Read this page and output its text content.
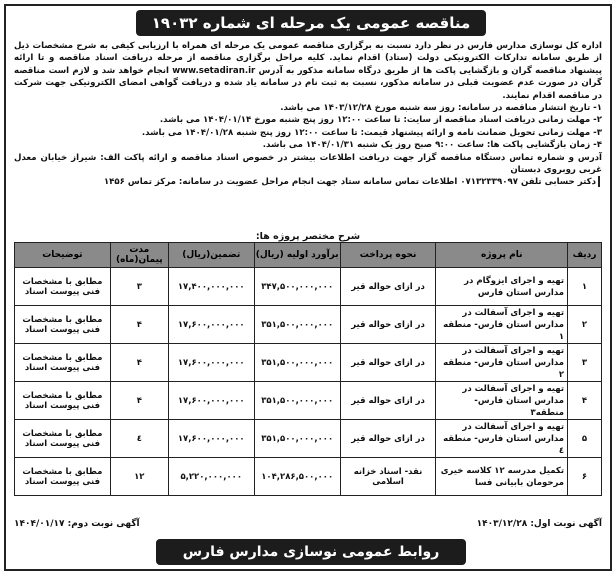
مناقصه عمومی یک مرحله ای شماره ۱۹۰۳۲

اداره کل نوسازی مدارس فارس در نظر دارد نسبت به برگزاری مناقصه عمومی یک مرحله ای همراه با ارزیابی کیفی به شرح مشخصات ذیل از طریق سامانه تدارکات الکترونیکی دولت (ستاد) اقدام نماید. کلیه مراحل برگزاری مناقصه از مرحله دریافت اسناد مناقصه و تا ارائه پیشنهاد مناقصه گران و بازگشایی پاکت ها از طریق درگاه سامانه مذکور به آدرس www.setadiran.ir انجام خواهد شد و لازم است مناقصه گران در صورت عدم عضویت قبلی در سامانه مذکور، نسبت به ثبت نام در سامانه یاد شده و دریافت گواهی امضای الکترونیکی جهت شرکت در مناقصه اقدام نمایند.

۱- تاریخ انتشار مناقصه در سامانه: روز سه شنبه مورخ ۱۴۰۳/۱۲/۲۸ می باشد.

۲- مهلت زمانی دریافت اسناد مناقصه از سایت: تا ساعت ۱۲:۰۰ روز پنج شنبه مورخ ۱۴۰۴/۰۱/۱۴ می باشد.

۳- مهلت زمانی تحویل ضمانت نامه و ارائه پیشنهاد قیمت: تا ساعت ۱۲:۰۰ روز پنج شنبه ۱۴۰۴/۰۱/۲۸ می باشد.

۴- زمان بازگشایی پاکت ها: ساعت ۹:۰۰ صبح روز یک شنبه ۱۴۰۴/۰۱/۳۱ می باشد.

آدرس و شماره تماس دستگاه مناقصه گزار جهت دریافت اطلاعات بیشتر در خصوص اسناد مناقصه و ارائه پاکت الف: شیراز خیابان معدل غربی روبروی دبستان

دکتر حسابی تلفن ۰۷۱۳۲۳۳۹۰۹۷ اطلاعات تماس سامانه ستاد جهت انجام مراحل عضویت در سامانه: مرکز تماس ۱۴۵۶

شرح مختصر پروژه ها:
ردیف	نام پروژه	نحوه پرداخت	برآورد اولیه (ریال)	تضمین(ریال)	مدت پیمان(ماه)	توضیحات
۱	تهیه و اجرای ایزوگام در مدارس استان فارس	در ازای حواله قیر	۳۴۷,۵۰۰,۰۰۰,۰۰۰	۱۷,۴۰۰,۰۰۰,۰۰۰	۳	مطابق با مشخصات فنی پیوست اسناد
۲	تهیه و اجرای آسفالت در مدارس استان فارس- منطقه ۱	در ازای حواله قیر	۳۵۱,۵۰۰,۰۰۰,۰۰۰	۱۷,۶۰۰,۰۰۰,۰۰۰	۴	مطابق با مشخصات فنی پیوست اسناد
۳	تهیه و اجرای آسفالت در مدارس استان فارس- منطقه ۲	در ازای حواله قیر	۳۵۱,۵۰۰,۰۰۰,۰۰۰	۱۷,۶۰۰,۰۰۰,۰۰۰	۴	مطابق با مشخصات فنی پیوست اسناد
۴	تهیه و اجرای آسفالت در مدارس استان فارس- منطقه۳	در ازای حواله قیر	۳۵۱,۵۰۰,۰۰۰,۰۰۰	۱۷,۶۰۰,۰۰۰,۰۰۰	۴	مطابق با مشخصات فنی پیوست اسناد
۵	تهیه و اجرای آسفالت در مدارس استان فارس- منطقه ٤	در ازای حواله قیر	۳۵۱,۵۰۰,۰۰۰,۰۰۰	۱۷,۶۰۰,۰۰۰,۰۰۰	٤	مطابق با مشخصات فنی پیوست اسناد
۶	تکمیل مدرسه ۱۲ کلاسه خیری مرحومان بابیانی فسا	نقد- اسناد خزانه اسلامی	۱۰۴,۲۸۶,۵۰۰,۰۰۰	۵,۲۲۰,۰۰۰,۰۰۰	۱۲	مطابق با مشخصات فنی پیوست اسناد
آگهی نوبت اول: ۱۴۰۳/۱۲/۲۸
آگهی نوبت دوم: ۱۴۰۴/۰۱/۱۷
روابط عمومی نوسازی مدارس فارس
